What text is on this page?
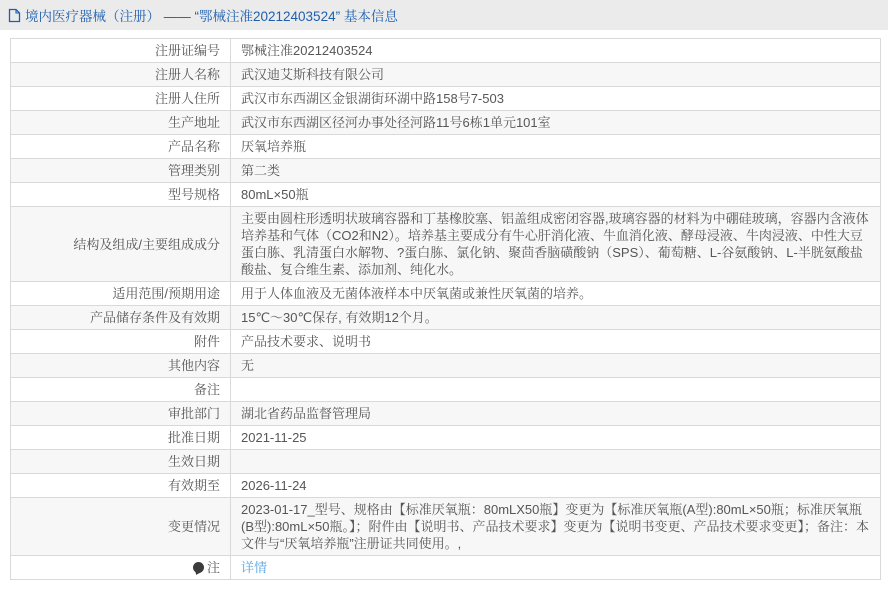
境内医疗器械（注册） —— “鄂械注准20212403524” 基本信息
注册证编号	鄂械注准20212403524
注册人名称	武汉迪艾斯科技有限公司
注册人住所	武汉市东西湖区金银湖街环湖中路158号7-503
生产地址	武汉市东西湖区径河办事处径河路11号6栋1单元101室
产品名称	厌氧培养瓶
管理类别	第二类
型号规格	80mL×50瓶
结构及组成/主要组成成分	主要由圆柱形透明状玻璃容器和丁基橡胶塞、铝盖组成密闭容器,玻璃容器的材料为中硼硅玻璃，容器内含液体培养基和气体（CO2和N2）。培养基主要成分有牛心肝消化液、牛血消化液、酵母浸液、牛肉浸液、中性大豆蛋白胨、乳清蛋白水解物、?蛋白胨、氯化钠、聚茴香脑磺酸钠（SPS）、葡萄糖、L-谷氨酸钠、L-半胱氨酸盐酸盐、复合维生素、添加剂、纯化水。
适用范围/预期用途	用于人体血液及无菌体液样本中厌氧菌或兼性厌氧菌的培养。
产品储存条件及有效期	15℃～30℃保存, 有效期12个月。
附件	产品技术要求、说明书
其他内容	无
备注	
审批部门	湖北省药品监督管理局
批准日期	2021-11-25
生效日期	
有效期至	2026-11-24
变更情况	2023-01-17_型号、规格由【标准厌氧瓶：80mLX50瓶】变更为【标准厌氧瓶(A型):80mL×50瓶；标准厌氧瓶(B型):80mL×50瓶。】；附件由【说明书、产品技术要求】变更为【说明书变更、产品技术要求变更】；备注：本文件与“厌氧培养瓶”注册证共同使用。,
注	详情
